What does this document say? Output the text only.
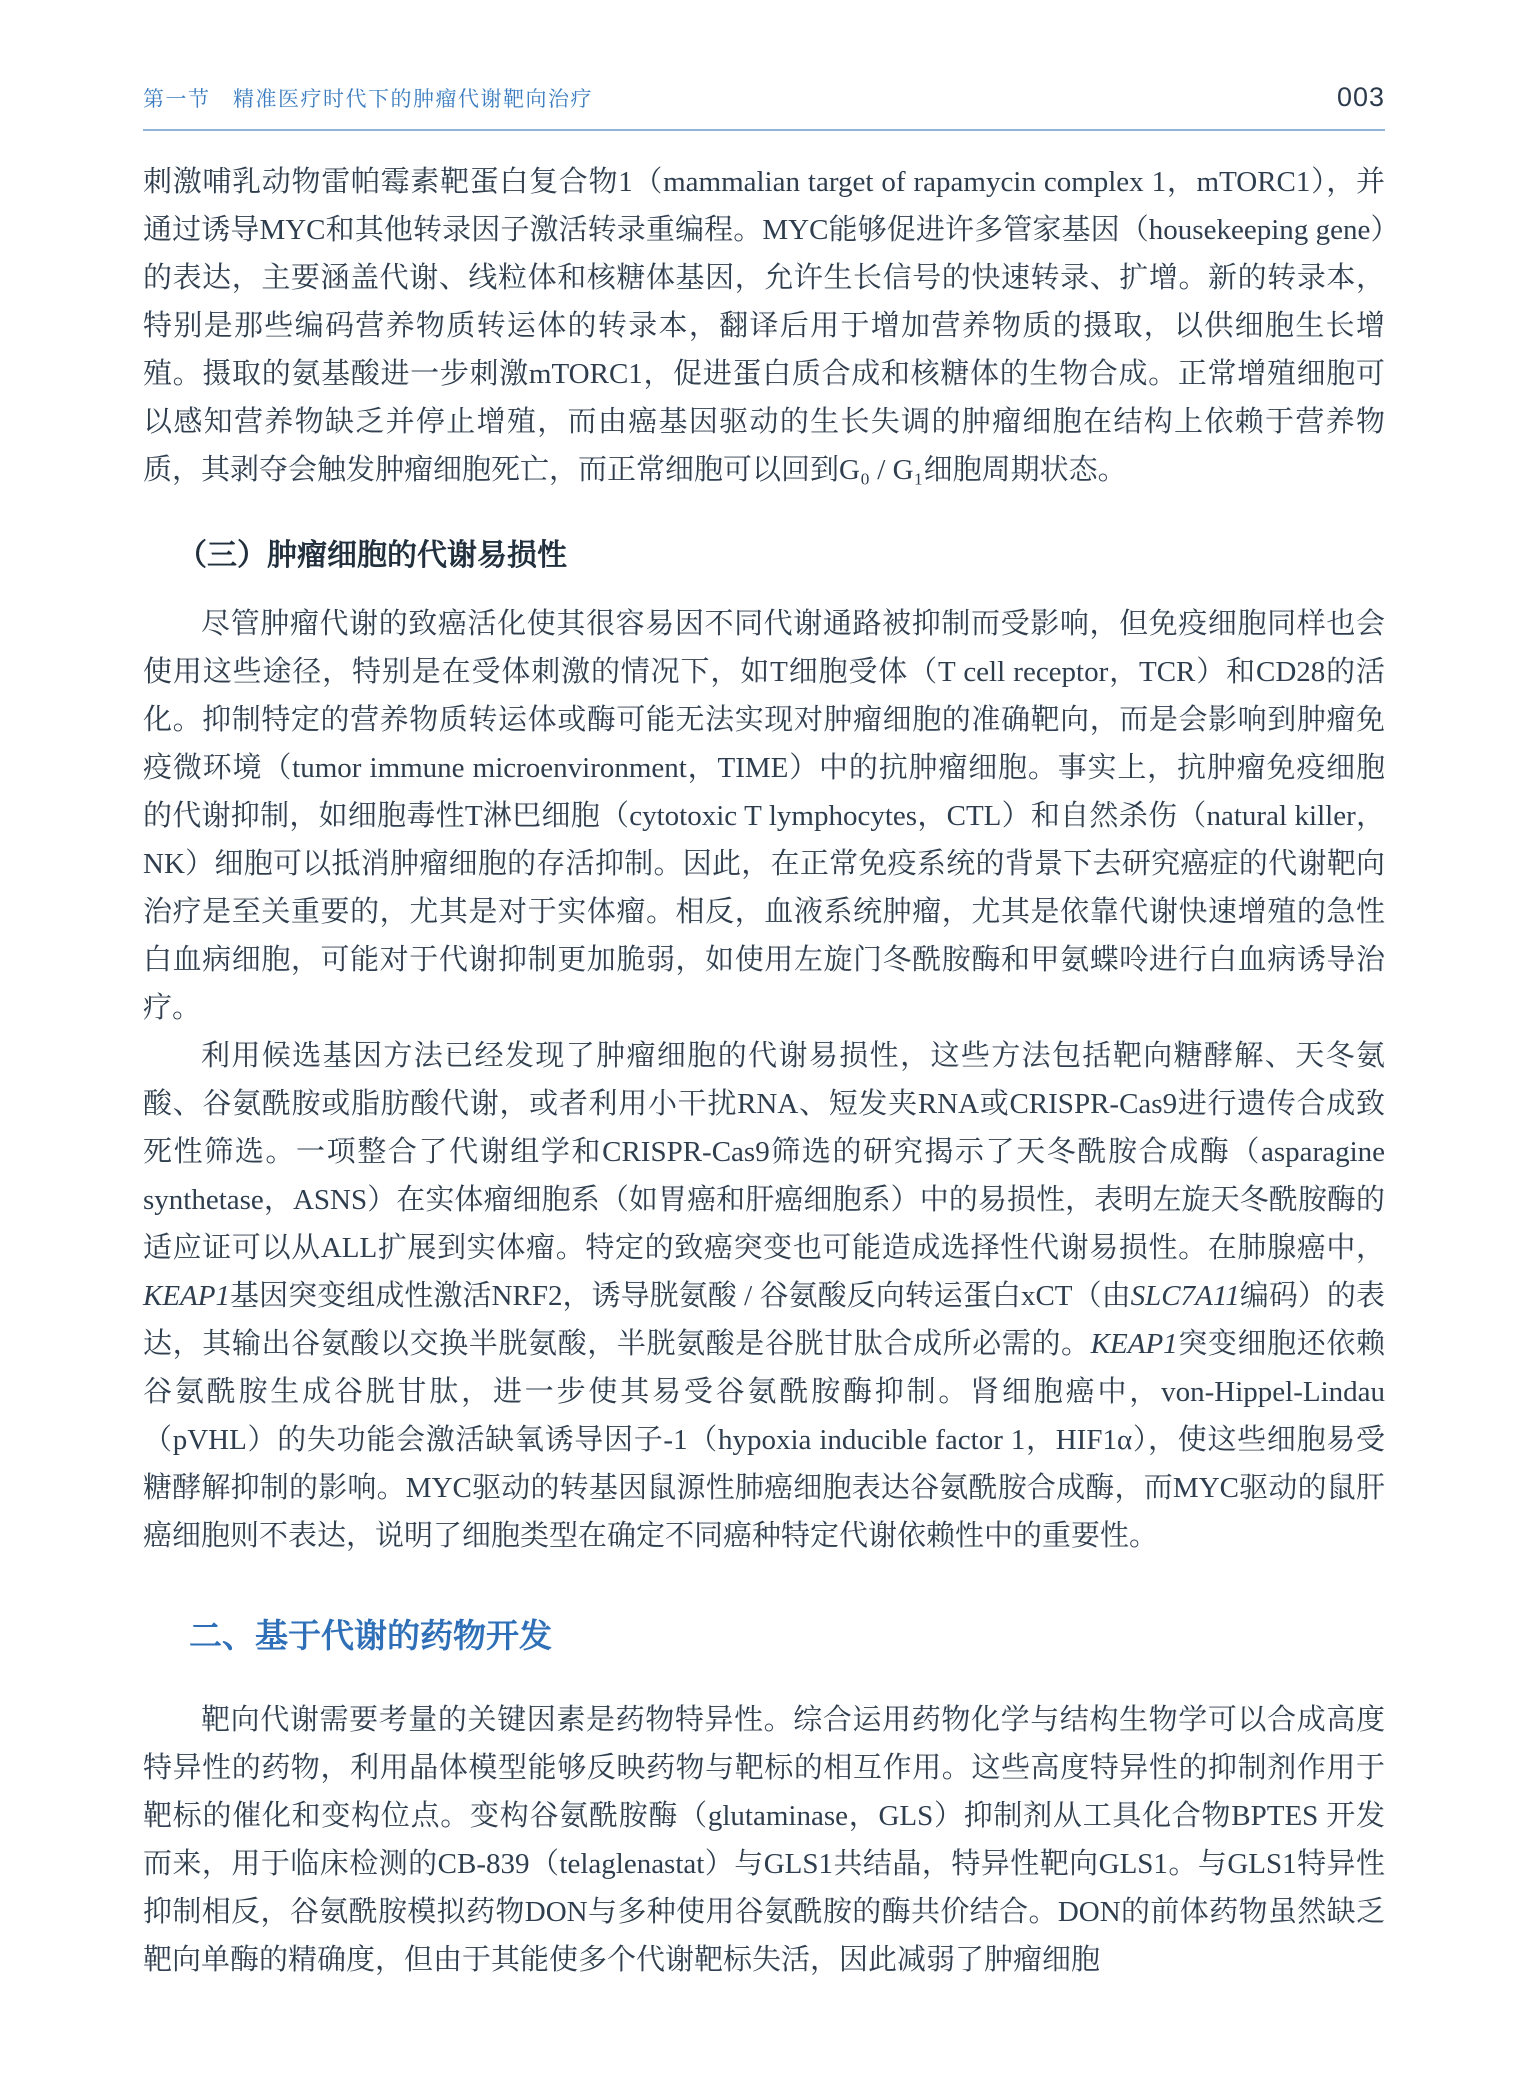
第一节　精准医疗时代下的肿瘤代谢靶向治疗	003

刺激哺乳动物雷帕霉素靶蛋白复合物1（mammalian target of rapamycin complex 1，mTORC1），并通过诱导MYC和其他转录因子激活转录重编程。MYC能够促进许多管家基因（housekeeping gene）的表达，主要涵盖代谢、线粒体和核糖体基因，允许生长信号的快速转录、扩增。新的转录本，特别是那些编码营养物质转运体的转录本，翻译后用于增加营养物质的摄取，以供细胞生长增殖。摄取的氨基酸进一步刺激mTORC1，促进蛋白质合成和核糖体的生物合成。正常增殖细胞可以感知营养物缺乏并停止增殖，而由癌基因驱动的生长失调的肿瘤细胞在结构上依赖于营养物质，其剥夺会触发肿瘤细胞死亡，而正常细胞可以回到G₀ / G₁细胞周期状态。

（三）肿瘤细胞的代谢易损性

尽管肿瘤代谢的致癌活化使其很容易因不同代谢通路被抑制而受影响，但免疫细胞同样也会使用这些途径，特别是在受体刺激的情况下，如T细胞受体（T cell receptor，TCR）和CD28的活化。抑制特定的营养物质转运体或酶可能无法实现对肿瘤细胞的准确靶向，而是会影响到肿瘤免疫微环境（tumor immune microenvironment，TIME）中的抗肿瘤细胞。事实上，抗肿瘤免疫细胞的代谢抑制，如细胞毒性T淋巴细胞（cytotoxic T lymphocytes，CTL）和自然杀伤（natural killer，NK）细胞可以抵消肿瘤细胞的存活抑制。因此，在正常免疫系统的背景下去研究癌症的代谢靶向治疗是至关重要的，尤其是对于实体瘤。相反，血液系统肿瘤，尤其是依靠代谢快速增殖的急性白血病细胞，可能对于代谢抑制更加脆弱，如使用左旋门冬酰胺酶和甲氨蝶呤进行白血病诱导治疗。

利用候选基因方法已经发现了肿瘤细胞的代谢易损性，这些方法包括靶向糖酵解、天冬氨酸、谷氨酰胺或脂肪酸代谢，或者利用小干扰RNA、短发夹RNA或CRISPR-Cas9进行遗传合成致死性筛选。一项整合了代谢组学和CRISPR-Cas9筛选的研究揭示了天冬酰胺合成酶（asparagine synthetase，ASNS）在实体瘤细胞系（如胃癌和肝癌细胞系）中的易损性，表明左旋天冬酰胺酶的适应证可以从ALL扩展到实体瘤。特定的致癌突变也可能造成选择性代谢易损性。在肺腺癌中，KEAP1基因突变组成性激活NRF2，诱导胱氨酸 / 谷氨酸反向转运蛋白xCT（由SLC7A11编码）的表达，其输出谷氨酸以交换半胱氨酸，半胱氨酸是谷胱甘肽合成所必需的。KEAP1突变细胞还依赖谷氨酰胺生成谷胱甘肽，进一步使其易受谷氨酰胺酶抑制。肾细胞癌中，von-Hippel-Lindau（pVHL）的失功能会激活缺氧诱导因子-1（hypoxia inducible factor 1，HIF1α），使这些细胞易受糖酵解抑制的影响。MYC驱动的转基因鼠源性肺癌细胞表达谷氨酰胺合成酶，而MYC驱动的鼠肝癌细胞则不表达，说明了细胞类型在确定不同癌种特定代谢依赖性中的重要性。

二、基于代谢的药物开发

靶向代谢需要考量的关键因素是药物特异性。综合运用药物化学与结构生物学可以合成高度特异性的药物，利用晶体模型能够反映药物与靶标的相互作用。这些高度特异性的抑制剂作用于靶标的催化和变构位点。变构谷氨酰胺酶（glutaminase，GLS）抑制剂从工具化合物BPTES 开发而来，用于临床检测的CB-839（telaglenastat）与GLS1共结晶，特异性靶向GLS1。与GLS1特异性抑制相反，谷氨酰胺模拟药物DON与多种使用谷氨酰胺的酶共价结合。DON的前体药物虽然缺乏靶向单酶的精确度，但由于其能使多个代谢靶标失活，因此减弱了肿瘤细胞
